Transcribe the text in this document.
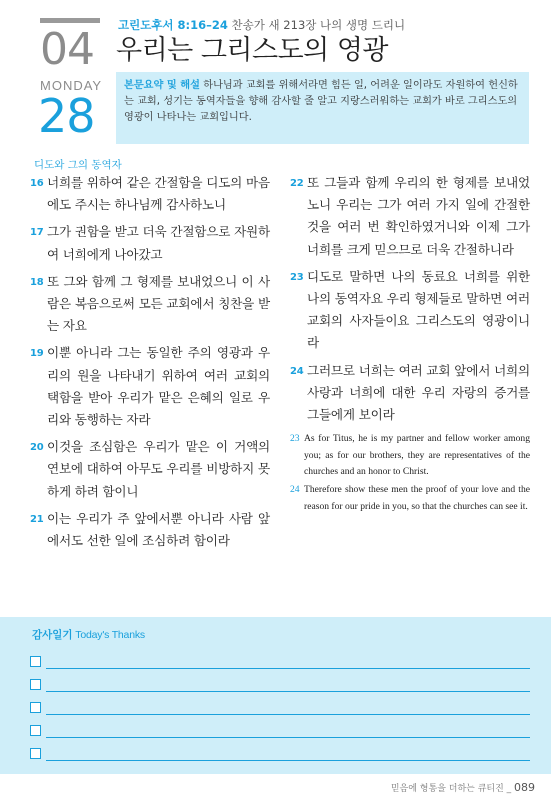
04
MONDAY
28
고린도후서 8:16–24 찬송가 새 213장 나의 생명 드리니
우리는 그리스도의 영광
본문요약 및 해설 하나님과 교회를 위해서라면 힘든 일, 어려운 일이라도 자원하여 헌신하는 교회, 성기는 동역자들을 향해 감사할 줄 알고 지랑스러워하는 교회가 바로 그리스도의 영광이 나타나는 교회입니다.
디도와 그의 동역자
16 너희를 위하여 같은 간절함을 디도의 마음에도 주시는 하나님께 감사하노니
17 그가 권함을 받고 더욱 간절함으로 자원하여 너희에게 나아갔고
18 또 그와 함께 그 형제를 보내었으니 이 사람은 복음으로써 모든 교회에서 칭찬을 받는 자요
19 이뿐 아니라 그는 동일한 주의 영광과 우리의 원을 나타내기 위하여 여러 교회의 택함을 받아 우리가 맡은 은혜의 일로 우리와 동행하는 자라
20 이것을 조심함은 우리가 맡은 이 거액의 연보에 대하여 아무도 우리를 비방하지 못하게 하려 함이니
21 이는 우리가 주 앞에서뿐 아니라 사람 앞에서도 선한 일에 조심하려 함이라
22 또 그들과 함께 우리의 한 형제를 보내었노니 우리는 그가 여러 가지 일에 간절한 것을 여러 번 확인하였거니와 이제 그가 너희를 크게 믿으므로 더욱 간절하니라
23 디도로 말하면 나의 동료요 너희를 위한 나의 동역자요 우리 형제들로 말하면 여러 교회의 사자들이요 그리스도의 영광이니라
24 그러므로 너희는 여러 교회 앞에서 너희의 사랑과 너희에 대한 우리 자랑의 증거를 그들에게 보이라
23 As for Titus, he is my partner and fellow worker among you; as for our brothers, they are representatives of the churches and an honor to Christ.
24 Therefore show these men the proof of your love and the reason for our pride in you, so that the churches can see it.
감사일기 Today's Thanks
믿음에 형통을 더하는 큐티진 _ 089
